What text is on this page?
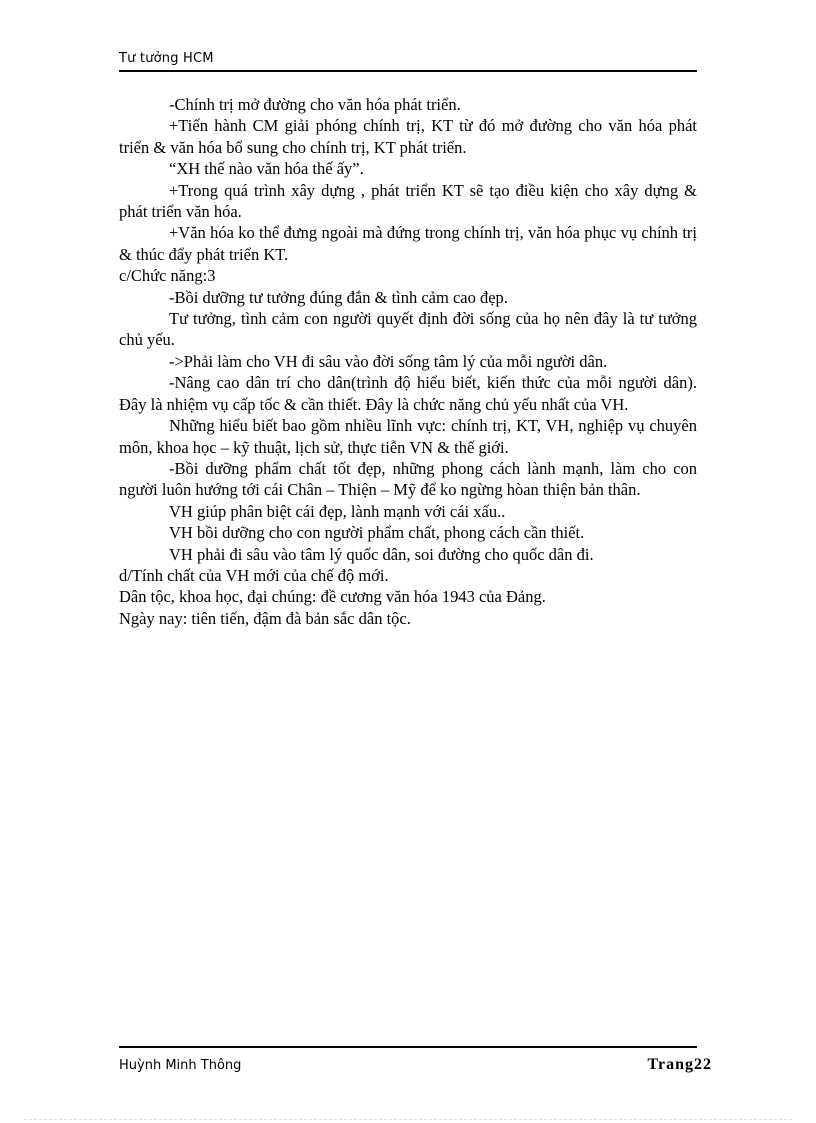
Tư tưởng HCM

-Chính trị mở đường cho văn hóa phát triển.

+Tiến hành CM giải phóng chính trị, KT từ đó mở đường cho văn hóa phát triển & văn hóa bổ sung cho chính trị, KT phát triển.

“XH thế nào văn hóa thế ấy”.

+Trong quá trình xây dựng , phát triển KT sẽ tạo điều kiện cho xây dựng & phát triển văn hóa.

+Văn hóa ko thể đưng ngoài mà đứng trong chính trị, văn hóa phục vụ chính trị & thúc đẩy phát triển KT.

c/Chức năng:3

-Bồi dưỡng tư tưởng đúng đắn & tình cảm cao đẹp.

Tư tưởng, tình cảm con người quyết định đời sống của họ nên đây là tư tưởng chủ yếu.

->Phải làm cho VH đi sâu vào đời sống tâm lý của mỗi người dân.

-Nâng cao dân trí cho dân(trình độ hiểu biết, kiến thức của mỗi người dân). Đây là nhiệm vụ cấp tốc & cần thiết. Đây là chức năng chủ yếu nhất của VH.

Những hiểu biết bao gồm nhiều lĩnh vực: chính trị, KT, VH, nghiệp vụ chuyên môn, khoa học – kỹ thuật, lịch sử, thực tiễn VN & thế giới.

-Bồi dưỡng phẩm chất tốt đẹp, những phong cách lành mạnh, làm cho con người luôn hướng tới cái Chân – Thiện – Mỹ để ko ngừng hòan thiện bản thân.

VH giúp phân biệt cái đẹp, lành mạnh với cái xấu..

VH bồi dưỡng cho con người phẩm chất, phong cách cần thiết.

VH phải đi sâu vào tâm lý quốc dân, soi đường cho quốc dân đi.

d/Tính chất của VH mới của chế độ mới.

Dân tộc, khoa học, đại chúng: đề cương văn hóa 1943 của Đảng.

Ngày nay: tiên tiến, đậm đà bản sắc dân tộc.

Huỳnh Minh Thông	Trang22
